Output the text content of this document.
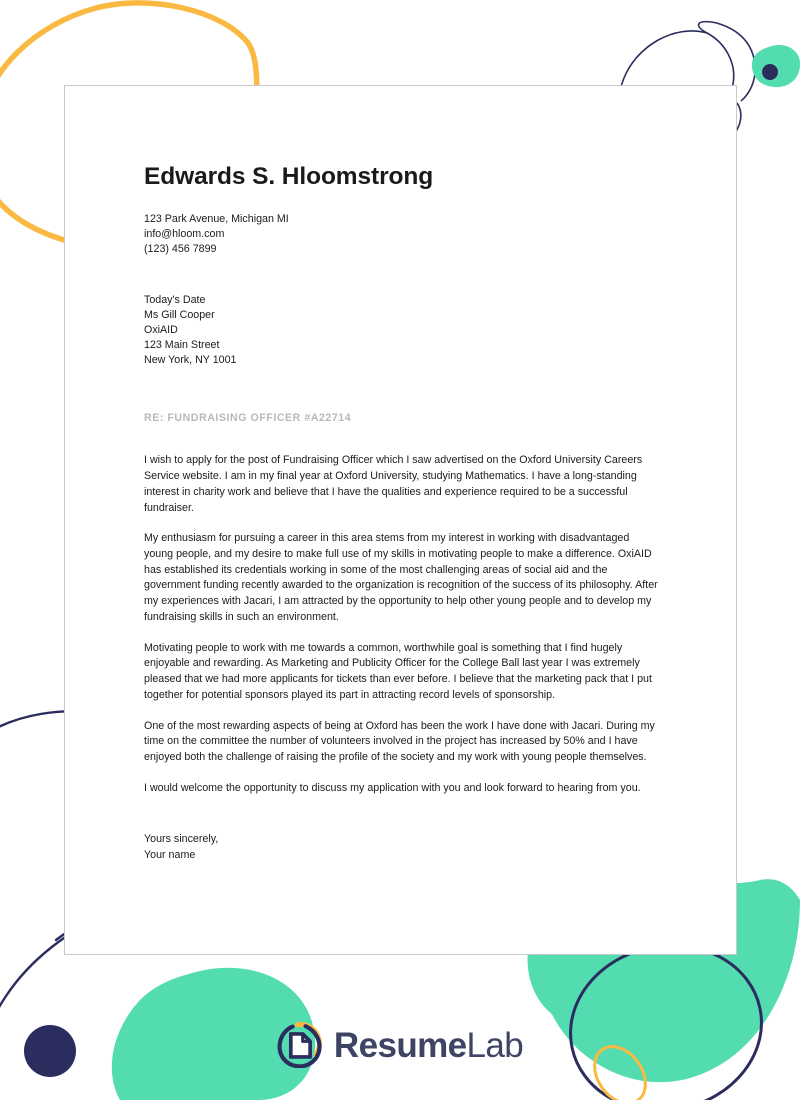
Edwards S. Hloomstrong
123 Park Avenue, Michigan MI
info@hloom.com
(123) 456 7899
Today's Date
Ms Gill Cooper
OxiAID
123 Main Street
New York, NY 1001
RE: FUNDRAISING OFFICER #A22714

I wish to apply for the post of Fundraising Officer which I saw advertised on the Oxford University Careers Service website. I am in my final year at Oxford University, studying Mathematics. I have a long-standing interest in charity work and believe that I have the qualities and experience required to be a successful fundraiser.

My enthusiasm for pursuing a career in this area stems from my interest in working with disadvantaged young people, and my desire to make full use of my skills in motivating people to make a difference. OxiAID has established its credentials working in some of the most challenging areas of social aid and the government funding recently awarded to the organization is recognition of the success of its philosophy. After my experiences with Jacari, I am attracted by the opportunity to help other young people and to develop my fundraising skills in such an environment.

Motivating people to work with me towards a common, worthwhile goal is something that I find hugely enjoyable and rewarding. As Marketing and Publicity Officer for the College Ball last year I was extremely pleased that we had more applicants for tickets than ever before. I believe that the marketing pack that I put together for potential sponsors played its part in attracting record levels of sponsorship.

One of the most rewarding aspects of being at Oxford has been the work I have done with Jacari. During my time on the committee the number of volunteers involved in the project has increased by 50% and I have enjoyed both the challenge of raising the profile of the society and my work with young people themselves.

I would welcome the opportunity to discuss my application with you and look forward to hearing from you.

Yours sincerely,
Your name
ResumeLab
